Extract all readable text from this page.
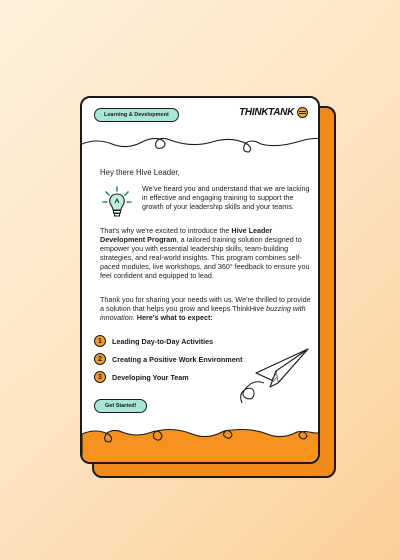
Learning & Development	THINKTANK
Hey there Hive Leader,
We've heard you and understand that we are lacking in effective and engaging training to support the growth of your leadership skills and your teams.
That's why we're excited to introduce the Hive Leader Development Program, a tailored training solution designed to empower you with essential leadership skills, team-building strategies, and real-world insights. This program combines self-paced modules, live workshops, and 360° feedback to ensure you feel confident and equipped to lead.
Thank you for sharing your needs with us. We're thrilled to provide a solution that helps you grow and keeps ThinkHive buzzing with innovation. Here's what to expect:
1	Leading Day-to-Day Activities
2	Creating a Positive Work Environment
3	Developing Your Team
Get Started!
